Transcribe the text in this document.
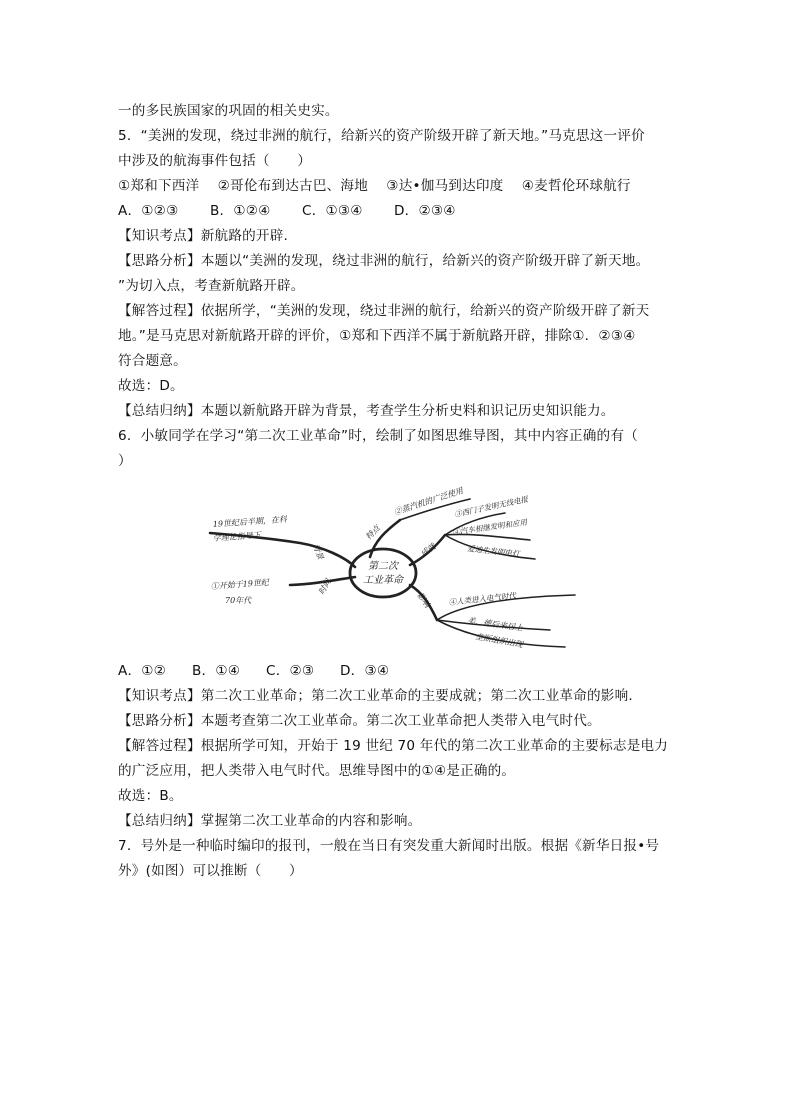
一的多民族国家的巩固的相关史实。
5．“美洲的发现，绕过非洲的航行，给新兴的资产阶级开辟了新天地。”马克思这一评价
中涉及的航海事件包括（　　）
①郑和下西洋　 ②哥伦布到达古巴、海地　 ③达•伽马到达印度　 ④麦哲伦环球航行
A．①②③ B．①②④ C．①③④ D．②③④
【知识考点】新航路的开辟.
【思路分析】本题以“美洲的发现，绕过非洲的航行，给新兴的资产阶级开辟了新天地。
”为切入点，考查新航路开辟。
【解答过程】依据所学，“美洲的发现，绕过非洲的航行，给新兴的资产阶级开辟了新天
地。”是马克思对新航路开辟的评价，①郑和下西洋不属于新航路开辟，排除①．②③④
符合题意。
故选：D。
【总结归纳】本题以新航路开辟为背景，考查学生分析史料和识记历史知识能力。
6．小敏同学在学习“第二次工业革命”时，绘制了如图思维导图，其中内容正确的有（
）
第二次
工业革命
19世纪后半期，在科
学理论指导下
①开始于19世纪
70年代
时间
背景
特点
成就
影响
②蒸汽机的广泛使用
③西门子发明无线电报
④汽车相继发明和应用
爱迪生发明电灯
④人类进入电气时代
美、德后来居上
垄断组织出现
A．①② B．①④ C．②③ D．③④
【知识考点】第二次工业革命；第二次工业革命的主要成就；第二次工业革命的影响.
【思路分析】本题考查第二次工业革命。第二次工业革命把人类带入电气时代。
【解答过程】根据所学可知，开始于 19 世纪 70 年代的第二次工业革命的主要标志是电力
的广泛应用，把人类带入电气时代。思维导图中的①④是正确的。
故选：B。
【总结归纳】掌握第二次工业革命的内容和影响。
7．号外是一种临时编印的报刊，一般在当日有突发重大新闻时出版。根据《新华日报•号
外》(如图）可以推断（　　）
